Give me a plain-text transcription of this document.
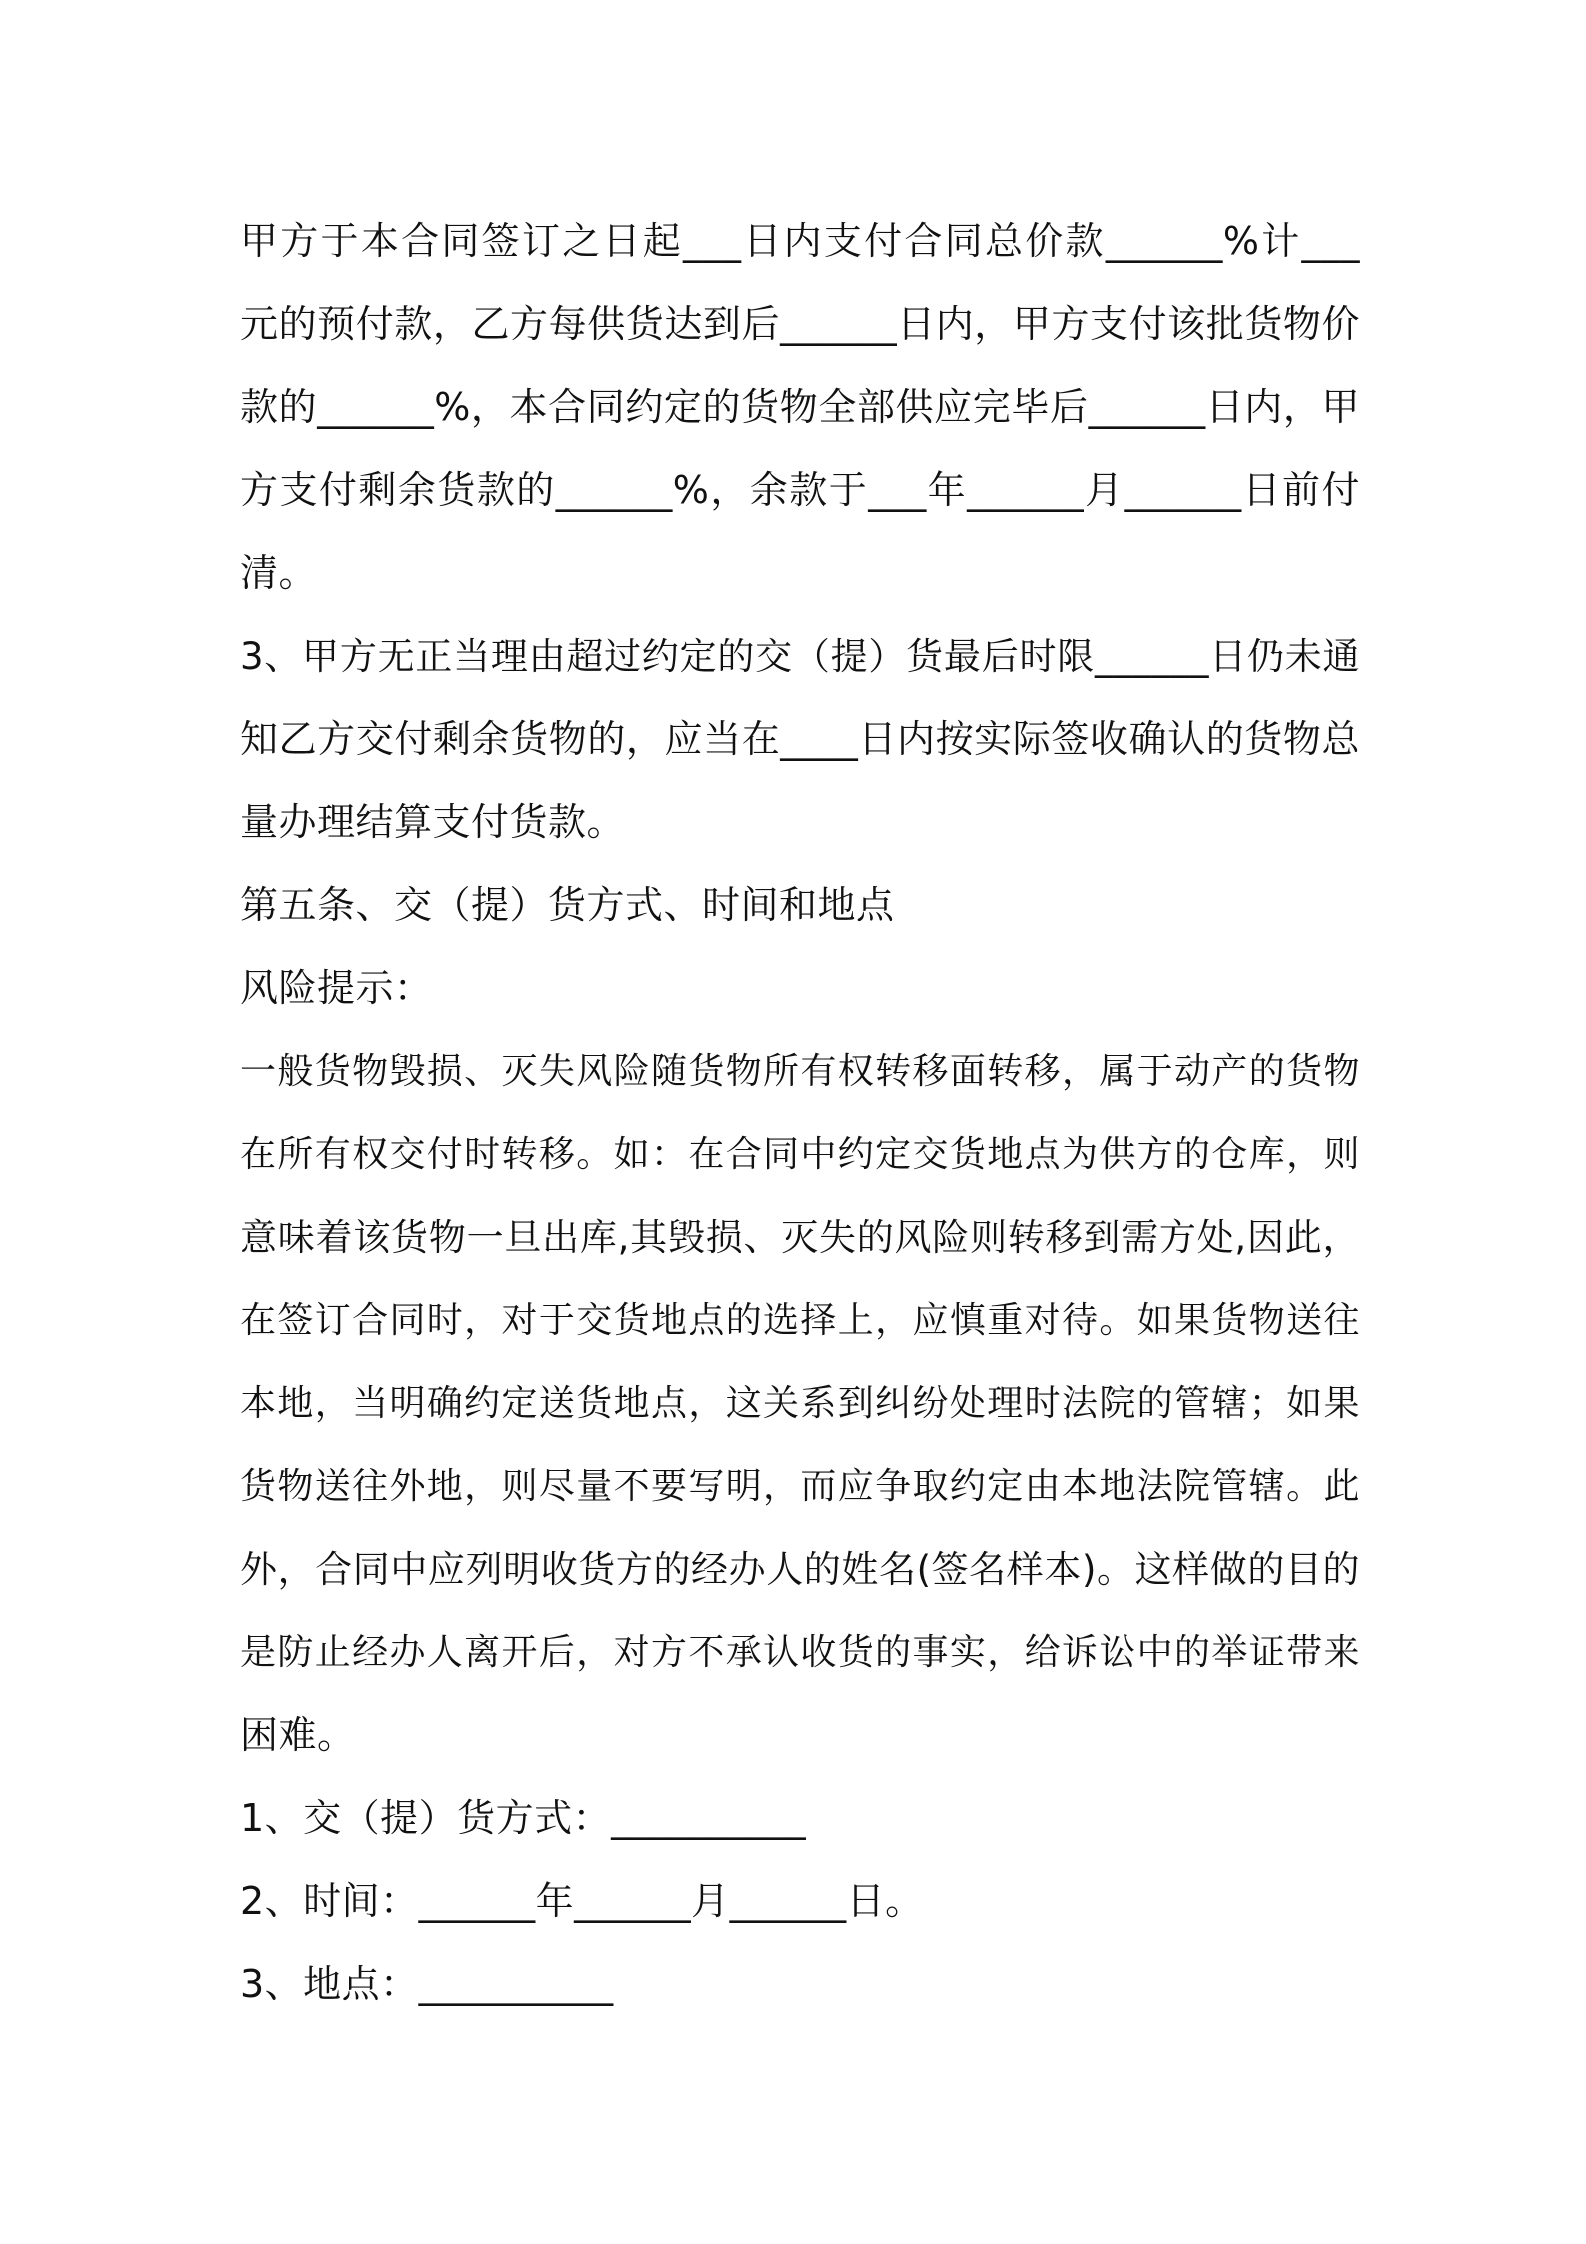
甲方于本合同签订之日起___日内支付合同总价款______%计___
元的预付款，乙方每供货达到后______日内，甲方支付该批货物价
款的______%，本合同约定的货物全部供应完毕后______日内，甲
方支付剩余货款的______%，余款于___年______月______日前付
清。
3、甲方无正当理由超过约定的交（提）货最后时限______日仍未通
知乙方交付剩余货物的，应当在____日内按实际签收确认的货物总
量办理结算支付货款。
第五条、交（提）货方式、时间和地点
风险提示：
一般货物毁损、灭失风险随货物所有权转移面转移，属于动产的货物
在所有权交付时转移。如：在合同中约定交货地点为供方的仓库，则
意味着该货物一旦出库,其毁损、灭失的风险则转移到需方处,因此，
在签订合同时，对于交货地点的选择上，应慎重对待。如果货物送往
本地，当明确约定送货地点，这关系到纠纷处理时法院的管辖；如果
货物送往外地，则尽量不要写明，而应争取约定由本地法院管辖。此
外，合同中应列明收货方的经办人的姓名(签名样本)。这样做的目的
是防止经办人离开后，对方不承认收货的事实，给诉讼中的举证带来
困难。
1、交（提）货方式：__________
2、时间：______年______月______日。
3、地点：__________
